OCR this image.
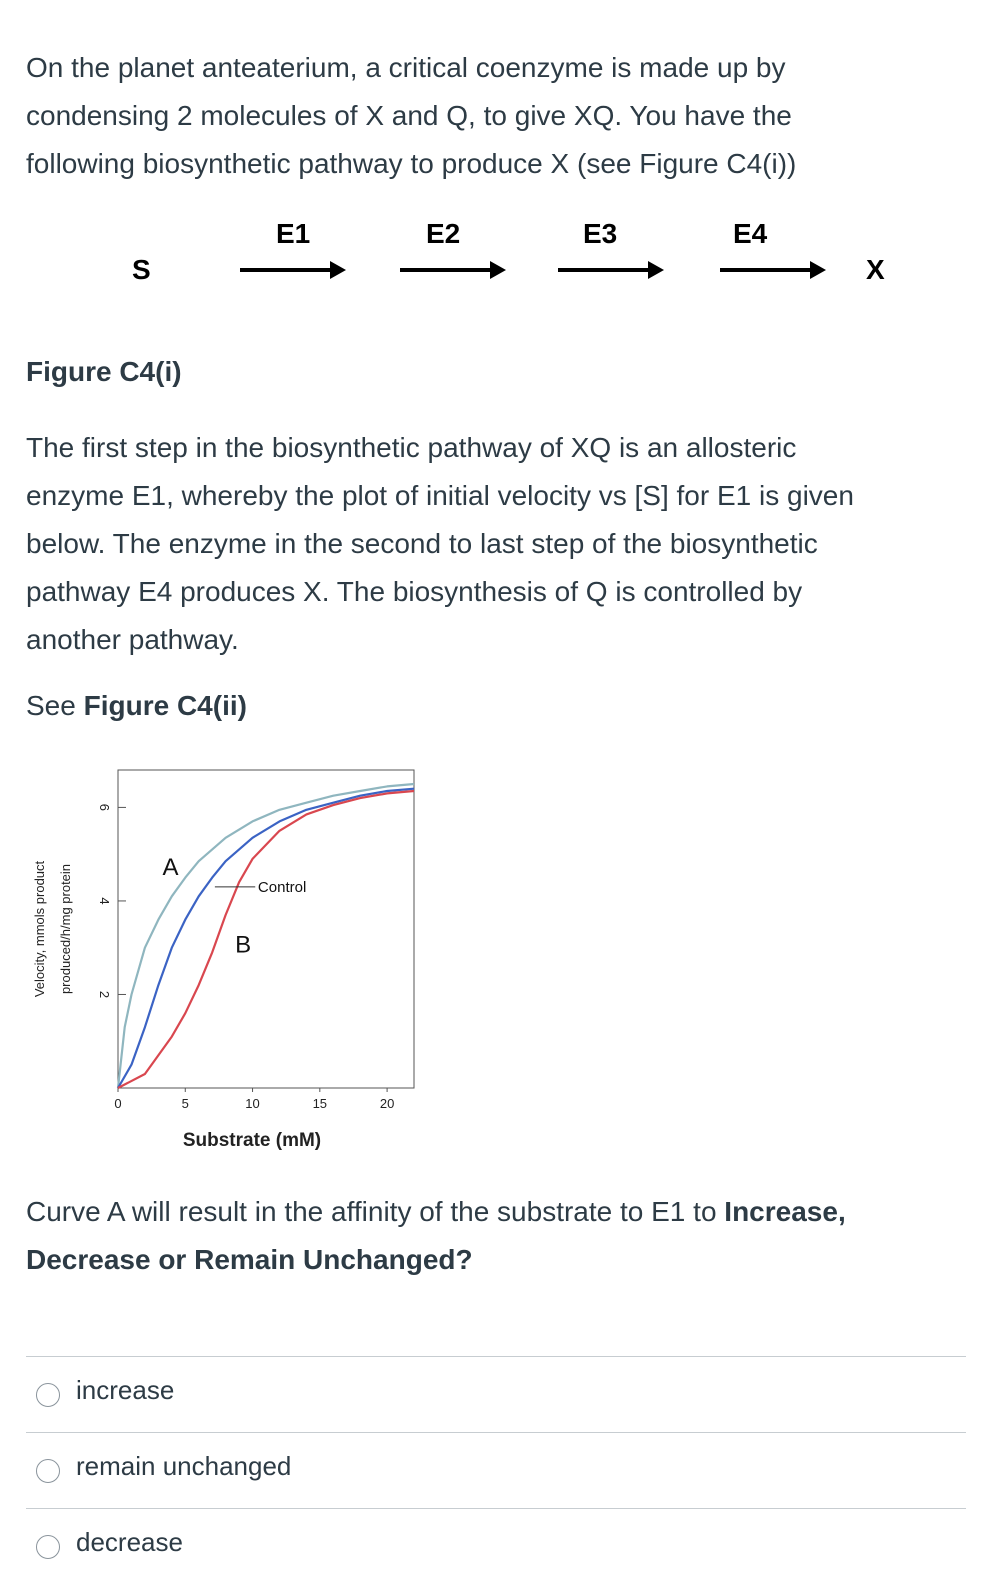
On the planet anteaterium, a critical coenzyme is made up by
condensing 2 molecules of X and Q, to give XQ. You have the
following biosynthetic pathway to produce X (see Figure C4(i))

S
E1	E2	E3	E4
X
Figure C4(i)

The first step in the biosynthetic pathway of XQ is an allosteric
enzyme E1, whereby the plot of initial velocity vs [S] for E1 is given
below. The enzyme in the second to last step of the biosynthetic
pathway E4 produces X. The biosynthesis of Q is controlled by
another pathway.

See Figure C4(ii)
0	5	10	15	20
2
4
6
Velocity, mmols product produced/h/mg protein
Substrate (mM)
A
B
Control

Curve A will result in the affinity of the substrate to E1 to Increase,
Decrease or Remain Unchanged?

increase
remain unchanged
decrease
